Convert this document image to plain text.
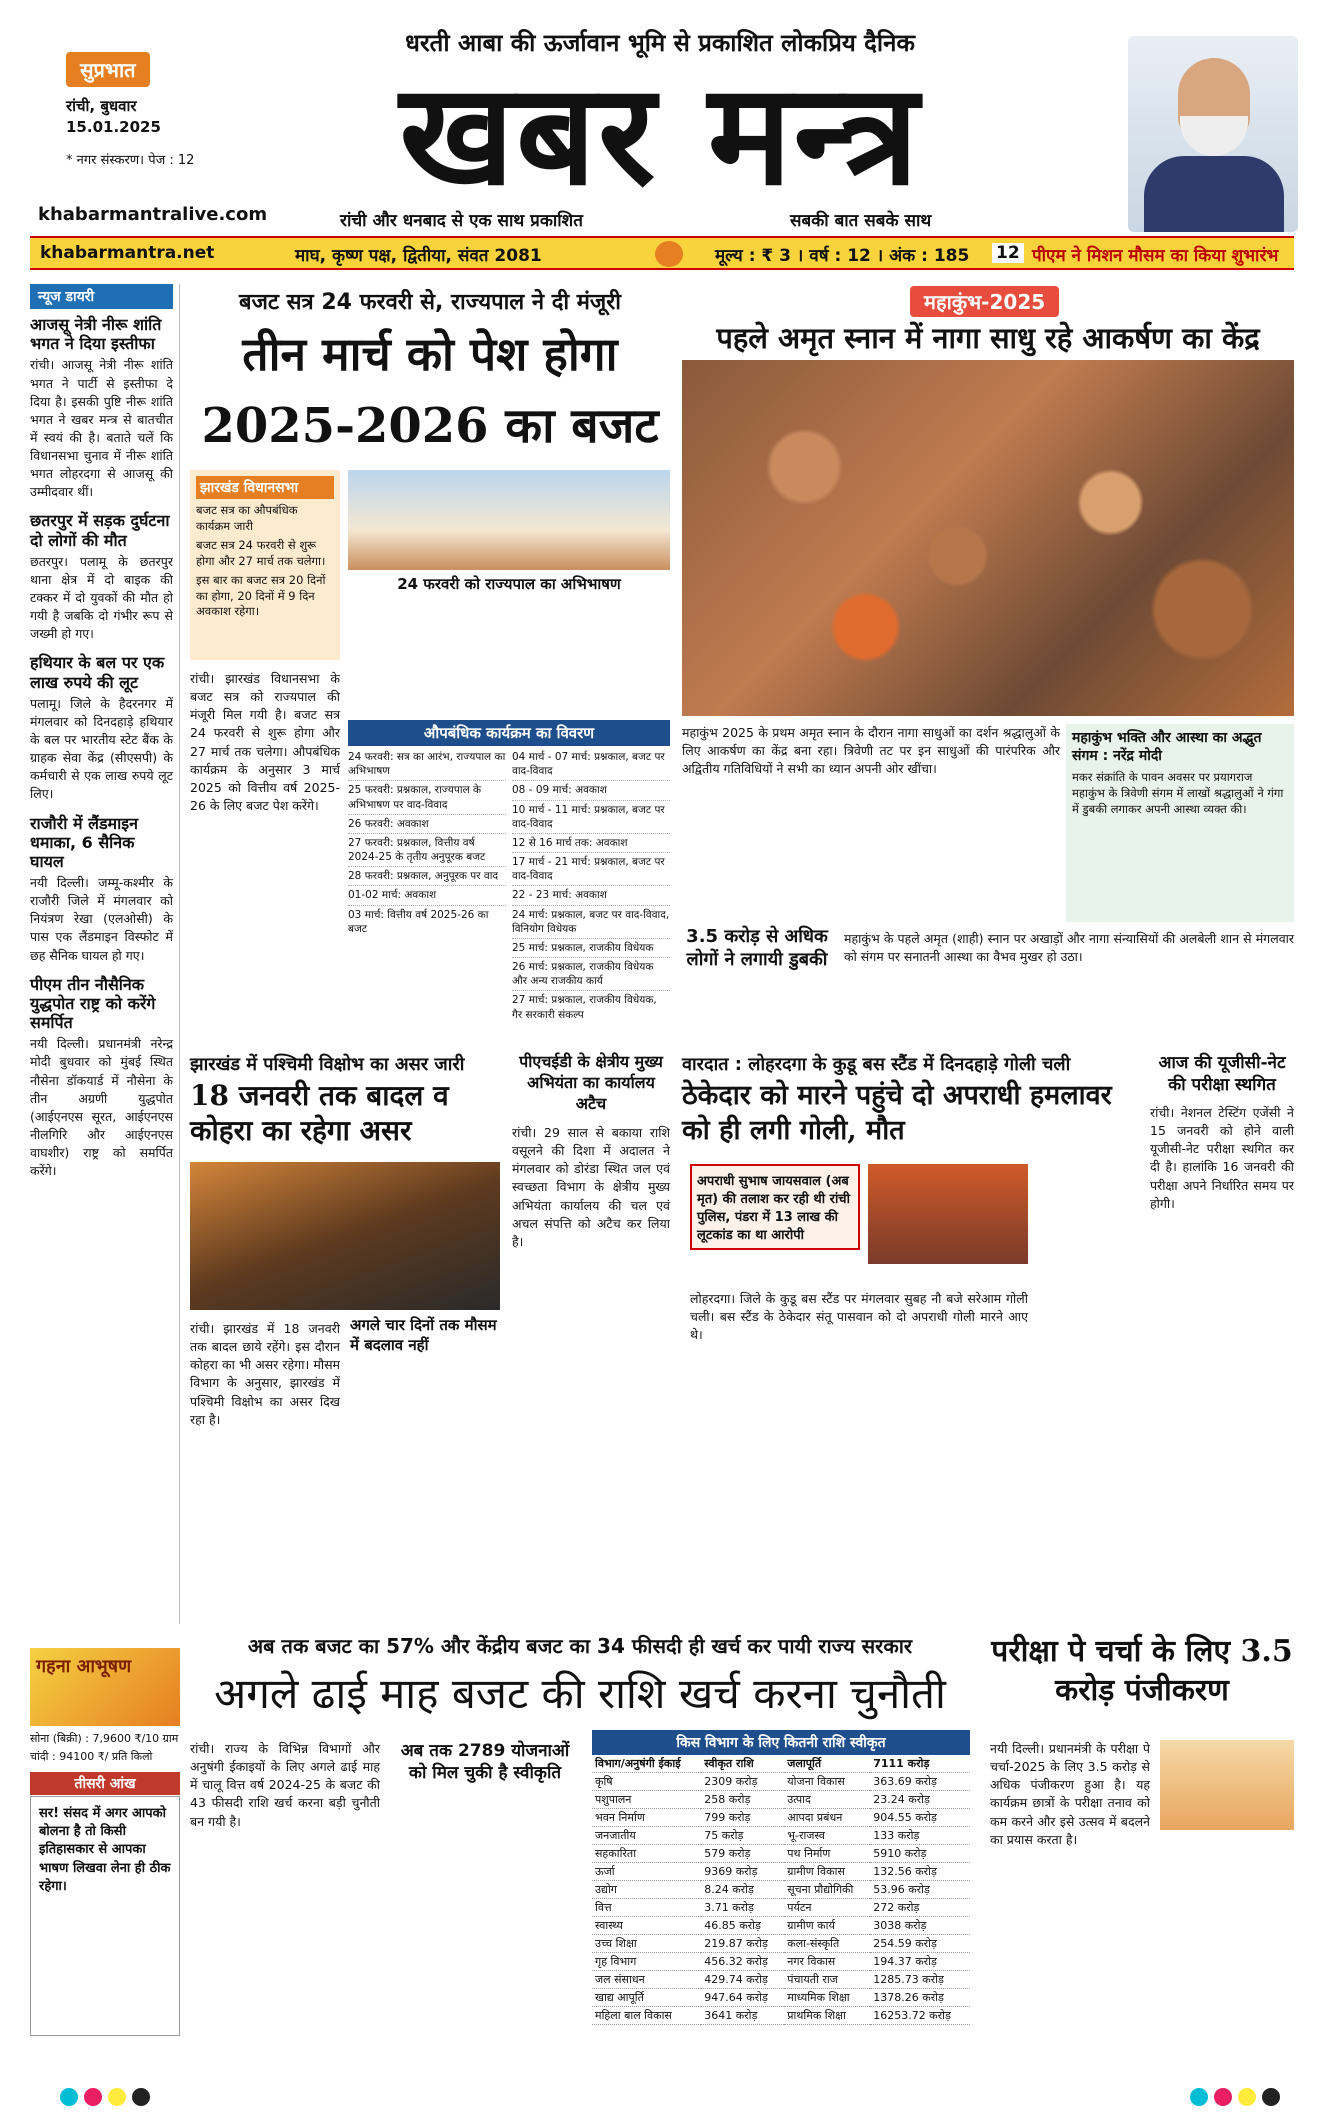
सुप्रभात
रांची, बुधवार
15.01.2025
* नगर संस्करण। पेज : 12
khabarmantralive.com
धरती आबा की ऊर्जावान भूमि से प्रकाशित लोकप्रिय दैनिक
खबर मन्त्र
रांची और धनबाद से एक साथ प्रकाशित	सबकी बात सबके साथ
khabarmantra.net	माघ, कृष्ण पक्ष, द्वितीया, संवत 2081	मूल्य : ₹ 3 । वर्ष : 12 । अंक : 185 12 पीएम ने मिशन मौसम का किया शुभारंभ
न्यूज डायरी
आजसू नेत्री नीरू शांति भगत ने दिया इस्तीफा
रांची। आजसू नेत्री नीरू शांति भगत ने पार्टी से इस्तीफा दे दिया है। इसकी पुष्टि नीरू शांति भगत ने खबर मन्त्र से बातचीत में स्वयं की है। बताते चलें कि विधानसभा चुनाव में नीरू शांति भगत लोहरदगा से आजसू की उम्मीदवार थीं।
छतरपुर में सड़क दुर्घटना दो लोगों की मौत
छतरपुर। पलामू के छतरपुर थाना क्षेत्र में दो बाइक की टक्कर में दो युवकों की मौत हो गयी है जबकि दो गंभीर रूप से जख्मी हो गए।
हथियार के बल पर एक लाख रुपये की लूट
पलामू। जिले के हैदरनगर में मंगलवार को दिनदहाड़े हथियार के बल पर भारतीय स्टेट बैंक के ग्राहक सेवा केंद्र (सीएसपी) के कर्मचारी से एक लाख रुपये लूट लिए।
राजौरी में लैंडमाइन धमाका, 6 सैनिक घायल
नयी दिल्ली। जम्मू-कश्मीर के राजौरी जिले में मंगलवार को नियंत्रण रेखा (एलओसी) के पास एक लैंडमाइन विस्फोट में छह सैनिक घायल हो गए।
पीएम तीन नौसैनिक युद्धपोत राष्ट्र को करेंगे समर्पित
नयी दिल्ली। प्रधानमंत्री नरेन्द्र मोदी बुधवार को मुंबई स्थित नौसेना डॉकयार्ड में नौसेना के तीन अग्रणी युद्धपोत (आईएनएस सूरत, आईएनएस नीलगिरि और आईएनएस वाघशीर) राष्ट्र को समर्पित करेंगे।
बजट सत्र 24 फरवरी से, राज्यपाल ने दी मंजूरी
तीन मार्च को पेश होगा
2025-2026 का बजट
झारखंड विधानसभा
बजट सत्र का औपबंधिक कार्यक्रम जारी
बजट सत्र 24 फरवरी से शुरू होगा और 27 मार्च तक चलेगा।
इस बार का बजट सत्र 20 दिनों का होगा, 20 दिनों में 9 दिन अवकाश रहेगा।
24 फरवरी को राज्यपाल का अभिभाषण
रांची। झारखंड विधानसभा के बजट सत्र को राज्यपाल की मंजूरी मिल गयी है। बजट सत्र 24 फरवरी से शुरू होगा और 27 मार्च तक चलेगा। औपबंधिक कार्यक्रम के अनुसार 3 मार्च 2025 को वित्तीय वर्ष 2025-26 के लिए बजट पेश करेंगे।
औपबंधिक कार्यक्रम का विवरण
24 फरवरी: सत्र का आरंभ, राज्यपाल का अभिभाषण
25 फरवरी: प्रश्नकाल, राज्यपाल के अभिभाषण पर वाद-विवाद
26 फरवरी: अवकाश
27 फरवरी: प्रश्नकाल, वित्तीय वर्ष 2024-25 के तृतीय अनुपूरक बजट
28 फरवरी: प्रश्नकाल, अनुपूरक पर वाद
01-02 मार्च: अवकाश
03 मार्च: वित्तीय वर्ष 2025-26 का बजट
04 मार्च - 07 मार्च: प्रश्नकाल, बजट पर वाद-विवाद
08 - 09 मार्च: अवकाश
10 मार्च - 11 मार्च: प्रश्नकाल, बजट पर वाद-विवाद
12 से 16 मार्च तक: अवकाश
17 मार्च - 21 मार्च: प्रश्नकाल, बजट पर वाद-विवाद
22 - 23 मार्च: अवकाश
24 मार्च: प्रश्नकाल, बजट पर वाद-विवाद, विनियोग विधेयक
25 मार्च: प्रश्नकाल, राजकीय विधेयक
26 मार्च: प्रश्नकाल, राजकीय विधेयक और अन्य राजकीय कार्य
27 मार्च: प्रश्नकाल, राजकीय विधेयक, गैर सरकारी संकल्प
महाकुंभ-2025
पहले अमृत स्नान में नागा साधु रहे आकर्षण का केंद्र
महाकुंभ 2025 के प्रथम अमृत स्नान के दौरान नागा साधुओं का दर्शन श्रद्धालुओं के लिए आकर्षण का केंद्र बना रहा। त्रिवेणी तट पर इन साधुओं की पारंपरिक और अद्वितीय गतिविधियों ने सभी का ध्यान अपनी ओर खींचा।
3.5 करोड़ से अधिक लोगों ने लगायी डुबकी
महाकुंभ के पहले अमृत (शाही) स्नान पर अखाड़ों और नागा संन्यासियों की अलबेली शान से मंगलवार को संगम पर सनातनी आस्था का वैभव मुखर हो उठा।
महाकुंभ भक्ति और आस्था का अद्भुत संगम : नरेंद्र मोदी
मकर संक्रांति के पावन अवसर पर प्रयागराज महाकुंभ के त्रिवेणी संगम में लाखों श्रद्धालुओं ने गंगा में डुबकी लगाकर अपनी आस्था व्यक्त की।
झारखंड में पश्चिमी विक्षोभ का असर जारी
18 जनवरी तक बादल व कोहरा का रहेगा असर
रांची। झारखंड में 18 जनवरी तक बादल छाये रहेंगे। इस दौरान कोहरा का भी असर रहेगा। मौसम विभाग के अनुसार, झारखंड में पश्चिमी विक्षोभ का असर दिख रहा है।
अगले चार दिनों तक मौसम में बदलाव नहीं
पीएचईडी के क्षेत्रीय मुख्य अभियंता का कार्यालय अटैच
रांची। 29 साल से बकाया राशि वसूलने की दिशा में अदालत ने मंगलवार को डोरंडा स्थित जल एवं स्वच्छता विभाग के क्षेत्रीय मुख्य अभियंता कार्यालय की चल एवं अचल संपत्ति को अटैच कर लिया है।
वारदात : लोहरदगा के कुडू बस स्टैंड में दिनदहाड़े गोली चली
ठेकेदार को मारने पहुंचे दो अपराधी हमलावर को ही लगी गोली, मौत
अपराधी सुभाष जायसवाल (अब मृत) की तलाश कर रही थी रांची पुलिस, पंडरा में 13 लाख की लूटकांड का था आरोपी
लोहरदगा। जिले के कुडू बस स्टैंड पर मंगलवार सुबह नौ बजे सरेआम गोली चली। बस स्टैंड के ठेकेदार संतू पासवान को दो अपराधी गोली मारने आए थे।
आज की यूजीसी-नेट की परीक्षा स्थगित
रांची। नेशनल टेस्टिंग एजेंसी ने 15 जनवरी को होने वाली यूजीसी-नेट परीक्षा स्थगित कर दी है। हालांकि 16 जनवरी की परीक्षा अपने निर्धारित समय पर होगी।
अब तक बजट का 57% और केंद्रीय बजट का 34 फीसदी ही खर्च कर पायी राज्य सरकार
अगले ढाई माह बजट की राशि खर्च करना चुनौती
रांची। राज्य के विभिन्न विभागों और अनुषंगी ईकाइयों के लिए अगले ढाई माह में चालू वित्त वर्ष 2024-25 के बजट की 43 फीसदी राशि खर्च करना बड़ी चुनौती बन गयी है।
अब तक 2789 योजनाओं को मिल चुकी है स्वीकृति
किस विभाग के लिए कितनी राशि स्वीकृत
विभाग/अनुषंगी ईकाई	स्वीकृत राशि	जलापूर्ति	7111 करोड़
कृषि	2309 करोड़	योजना विकास	363.69 करोड़
पशुपालन	258 करोड़	उत्पाद	23.24 करोड़
भवन निर्माण	799 करोड़	आपदा प्रबंधन	904.55 करोड़
जनजातीय	75 करोड़	भू-राजस्व	133 करोड़
सहकारिता	579 करोड़	पथ निर्माण	5910 करोड़
ऊर्जा	9369 करोड़	ग्रामीण विकास	132.56 करोड़
उद्योग	8.24 करोड़	सूचना प्रौद्योगिकी	53.96 करोड़
वित्त	3.71 करोड़	पर्यटन	272 करोड़
स्वास्थ्य	46.85 करोड़	ग्रामीण कार्य	3038 करोड़
उच्च शिक्षा	219.87 करोड़	कला-संस्कृति	254.59 करोड़
गृह विभाग	456.32 करोड़	नगर विकास	194.37 करोड़
जल संसाधन	429.74 करोड़	पंचायती राज	1285.73 करोड़
खाद्य आपूर्ति	947.64 करोड़	माध्यमिक शिक्षा	1378.26 करोड़
महिला बाल विकास	3641 करोड़	प्राथमिक शिक्षा	16253.72 करोड़
परीक्षा पे चर्चा के लिए 3.5 करोड़ पंजीकरण
नयी दिल्ली। प्रधानमंत्री के परीक्षा पे चर्चा-2025 के लिए 3.5 करोड़ से अधिक पंजीकरण हुआ है। यह कार्यक्रम छात्रों के परीक्षा तनाव को कम करने और इसे उत्सव में बदलने का प्रयास करता है।
गहना आभूषण
सोना (बिक्री) : 7,9600 ₹/10 ग्राम
चांदी : 94100 ₹/ प्रति किलो
तीसरी आंख
सर! संसद में अगर आपको बोलना है तो किसी इतिहासकार से आपका भाषण लिखवा लेना ही ठीक रहेगा।
